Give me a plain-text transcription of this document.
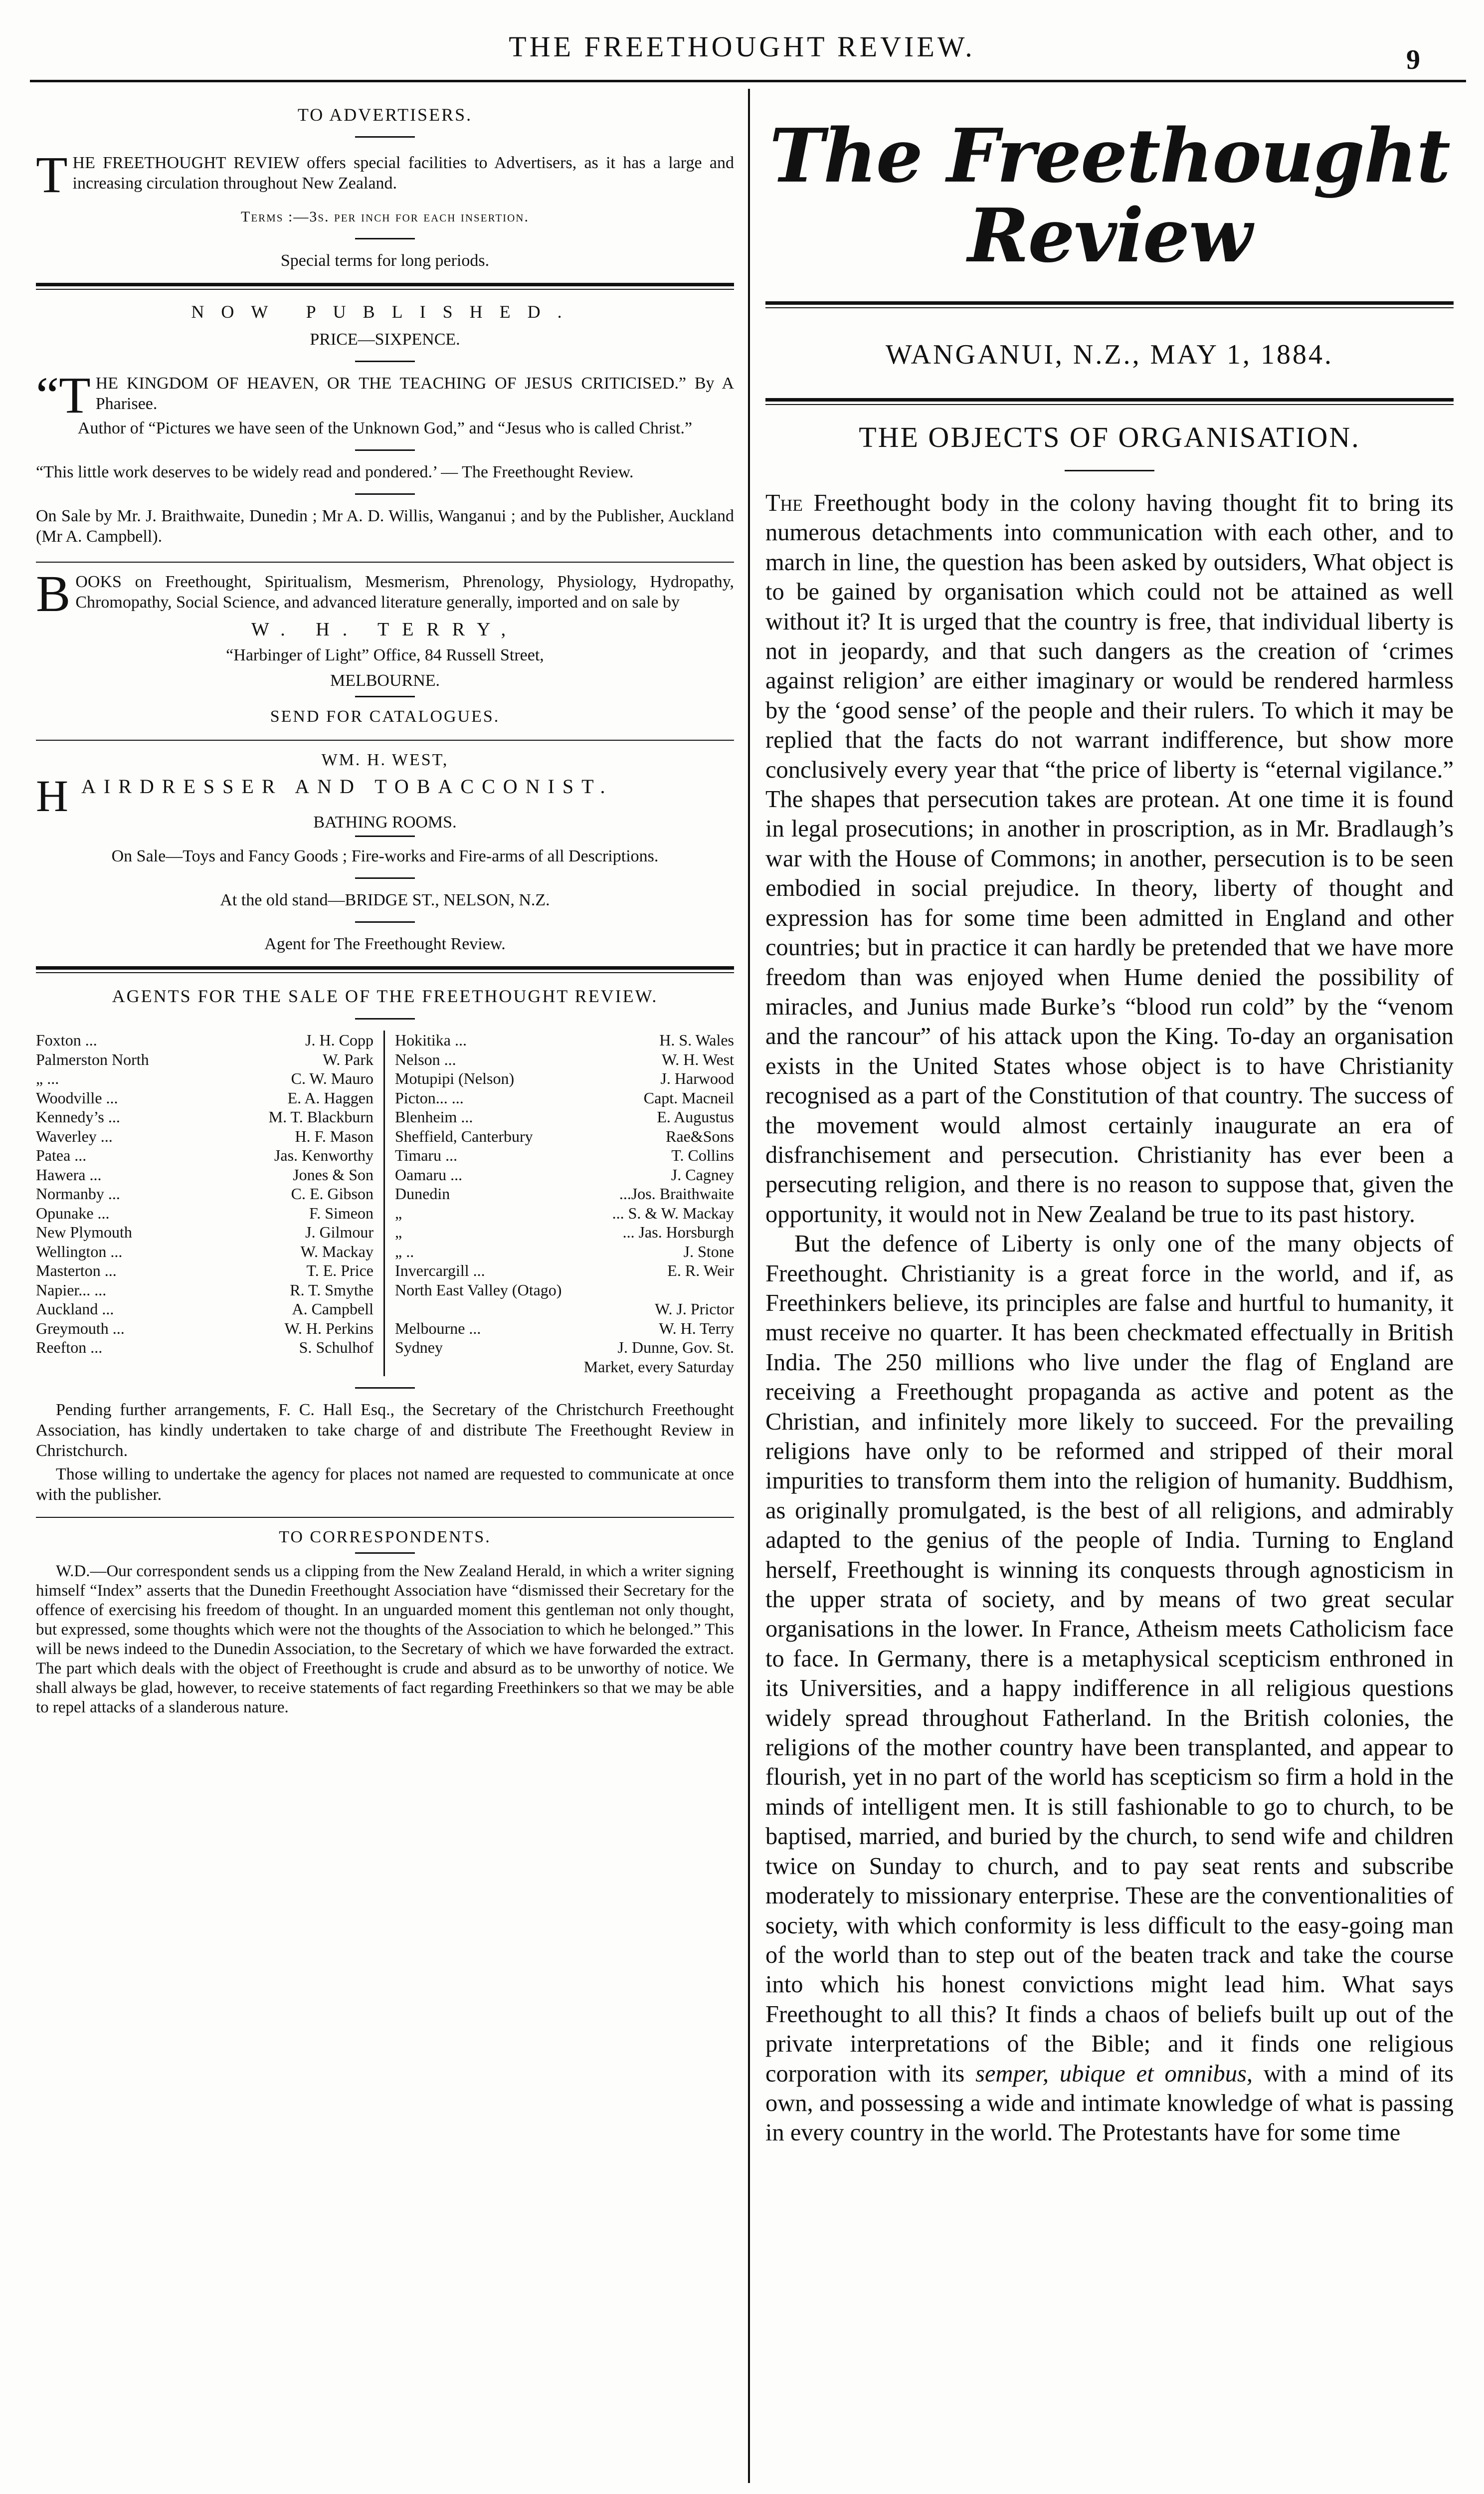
THE FREETHOUGHT REVIEW.	9
TO ADVERTISERS.

THE FREETHOUGHT REVIEW offers special facilities to Advertisers, as it has a large and increasing circulation throughout New Zealand.

Terms :—3s. per inch for each insertion.

Special terms for long periods.

NOW PUBLISHED.
PRICE—SIXPENCE.

“T HE KINGDOM OF HEAVEN, OR THE TEACHING OF JESUS CRITICISED.” By A Pharisee.

Author of “Pictures we have seen of the Unknown God,” and “Jesus who is called Christ.”

“This little work deserves to be widely read and pondered.’ — The Freethought Review.

On Sale by Mr. J. Braithwaite, Dunedin ; Mr A. D. Willis, Wanganui ; and by the Publisher, Auckland (Mr A. Campbell).

BOOKS on Freethought, Spiritualism, Mesmerism, Phrenology, Physiology, Hydropathy, Chromopathy, Social Science, and advanced literature generally, imported and on sale by

W. H. TERRY,

“Harbinger of Light” Office, 84 Russell Street,

MELBOURNE.

SEND FOR CATALOGUES.

WM. H. WEST,

HAIRDRESSER AND TOBACCONIST.

BATHING ROOMS.

On Sale—Toys and Fancy Goods ; Fire-works and Fire-arms of all Descriptions.

At the old stand—BRIDGE ST., NELSON, N.Z.

Agent for The Freethought Review.

AGENTS FOR THE SALE OF THE FREETHOUGHT REVIEW.

Foxton ...	J. H. Copp
Palmerston North	W. Park
„ ...	C. W. Mauro
Woodville ...	E. A. Haggen
Kennedy’s ...	M. T. Blackburn
Waverley ...	H. F. Mason
Patea ...	Jas. Kenworthy
Hawera ...	Jones & Son
Normanby ...	C. E. Gibson
Opunake ...	F. Simeon
New Plymouth	J. Gilmour
Wellington ...	W. Mackay
Masterton ...	T. E. Price
Napier... ...	R. T. Smythe
Auckland ...	A. Campbell
Greymouth ...	W. H. Perkins
Reefton ...	S. Schulhof
Hokitika ...	H. S. Wales
Nelson ...	W. H. West
Motupipi (Nelson)	J. Harwood
Picton... ...	Capt. Macneil
Blenheim ...	E. Augustus
Sheffield, Canterbury	Rae&Sons
Timaru ...	T. Collins
Oamaru ...	J. Cagney
Dunedin	...Jos. Braithwaite
„	... S. & W. Mackay
„	... Jas. Horsburgh
„ ..	J. Stone
Invercargill ...	E. R. Weir
North East Valley (Otago)
W. J. Prictor
Melbourne ...	W. H. Terry
Sydney	J. Dunne, Gov. St.
Market, every Saturday

Pending further arrangements, F. C. Hall Esq., the Secretary of the Christchurch Freethought Association, has kindly undertaken to take charge of and distribute The Freethought Review in Christchurch.

Those willing to undertake the agency for places not named are requested to communicate at once with the publisher.

TO CORRESPONDENTS.

W.D.—Our correspondent sends us a clipping from the New Zealand Herald, in which a writer signing himself “Index” asserts that the Dunedin Freethought Association have “dismissed their Secretary for the offence of exercising his freedom of thought. In an unguarded moment this gentleman not only thought, but expressed, some thoughts which were not the thoughts of the Association to which he belonged.” This will be news indeed to the Dunedin Association, to the Secretary of which we have forwarded the extract. The part which deals with the object of Freethought is crude and absurd as to be unworthy of notice. We shall always be glad, however, to receive statements of fact regarding Freethinkers so that we may be able to repel attacks of a slanderous nature.

The Freethought Review
WANGANUI, N.Z., MAY 1, 1884.
THE OBJECTS OF ORGANISATION.

The Freethought body in the colony having thought fit to bring its numerous detachments into communication with each other, and to march in line, the question has been asked by outsiders, What object is to be gained by organisation which could not be attained as well without it? It is urged that the country is free, that individual liberty is not in jeopardy, and that such dangers as the creation of ‘crimes against religion’ are either imaginary or would be rendered harmless by the ‘good sense’ of the people and their rulers. To which it may be replied that the facts do not warrant indifference, but show more conclusively every year that “the price of liberty is “eternal vigilance.” The shapes that persecution takes are protean. At one time it is found in legal prosecutions; in another in proscription, as in Mr. Bradlaugh’s war with the House of Commons; in another, persecution is to be seen embodied in social prejudice. In theory, liberty of thought and expression has for some time been admitted in England and other countries; but in practice it can hardly be pretended that we have more freedom than was enjoyed when Hume denied the possibility of miracles, and Junius made Burke’s “blood run cold” by the “venom and the rancour” of his attack upon the King. To-day an organisation exists in the United States whose object is to have Christianity recognised as a part of the Constitution of that country. The success of the movement would almost certainly inaugurate an era of disfranchisement and persecution. Christianity has ever been a persecuting religion, and there is no reason to suppose that, given the opportunity, it would not in New Zealand be true to its past history.

But the defence of Liberty is only one of the many objects of Freethought. Christianity is a great force in the world, and if, as Freethinkers believe, its principles are false and hurtful to humanity, it must receive no quarter. It has been checkmated effectually in British India. The 250 millions who live under the flag of England are receiving a Freethought propaganda as active and potent as the Christian, and infinitely more likely to succeed. For the prevailing religions have only to be reformed and stripped of their moral impurities to transform them into the religion of humanity. Buddhism, as originally promulgated, is the best of all religions, and admirably adapted to the genius of the people of India. Turning to England herself, Freethought is winning its conquests through agnosticism in the upper strata of society, and by means of two great secular organisations in the lower. In France, Atheism meets Catholicism face to face. In Germany, there is a metaphysical scepticism enthroned in its Universities, and a happy indifference in all religious questions widely spread throughout Fatherland. In the British colonies, the religions of the mother country have been transplanted, and appear to flourish, yet in no part of the world has scepticism so firm a hold in the minds of intelligent men. It is still fashionable to go to church, to be baptised, married, and buried by the church, to send wife and children twice on Sunday to church, and to pay seat rents and subscribe moderately to missionary enterprise. These are the conventionalities of society, with which conformity is less difficult to the easy-going man of the world than to step out of the beaten track and take the course into which his honest convictions might lead him. What says Freethought to all this? It finds a chaos of beliefs built up out of the private interpretations of the Bible; and it finds one religious corporation with its semper, ubique et omnibus, with a mind of its own, and possessing a wide and intimate knowledge of what is passing in every country in the world. The Protestants have for some time
